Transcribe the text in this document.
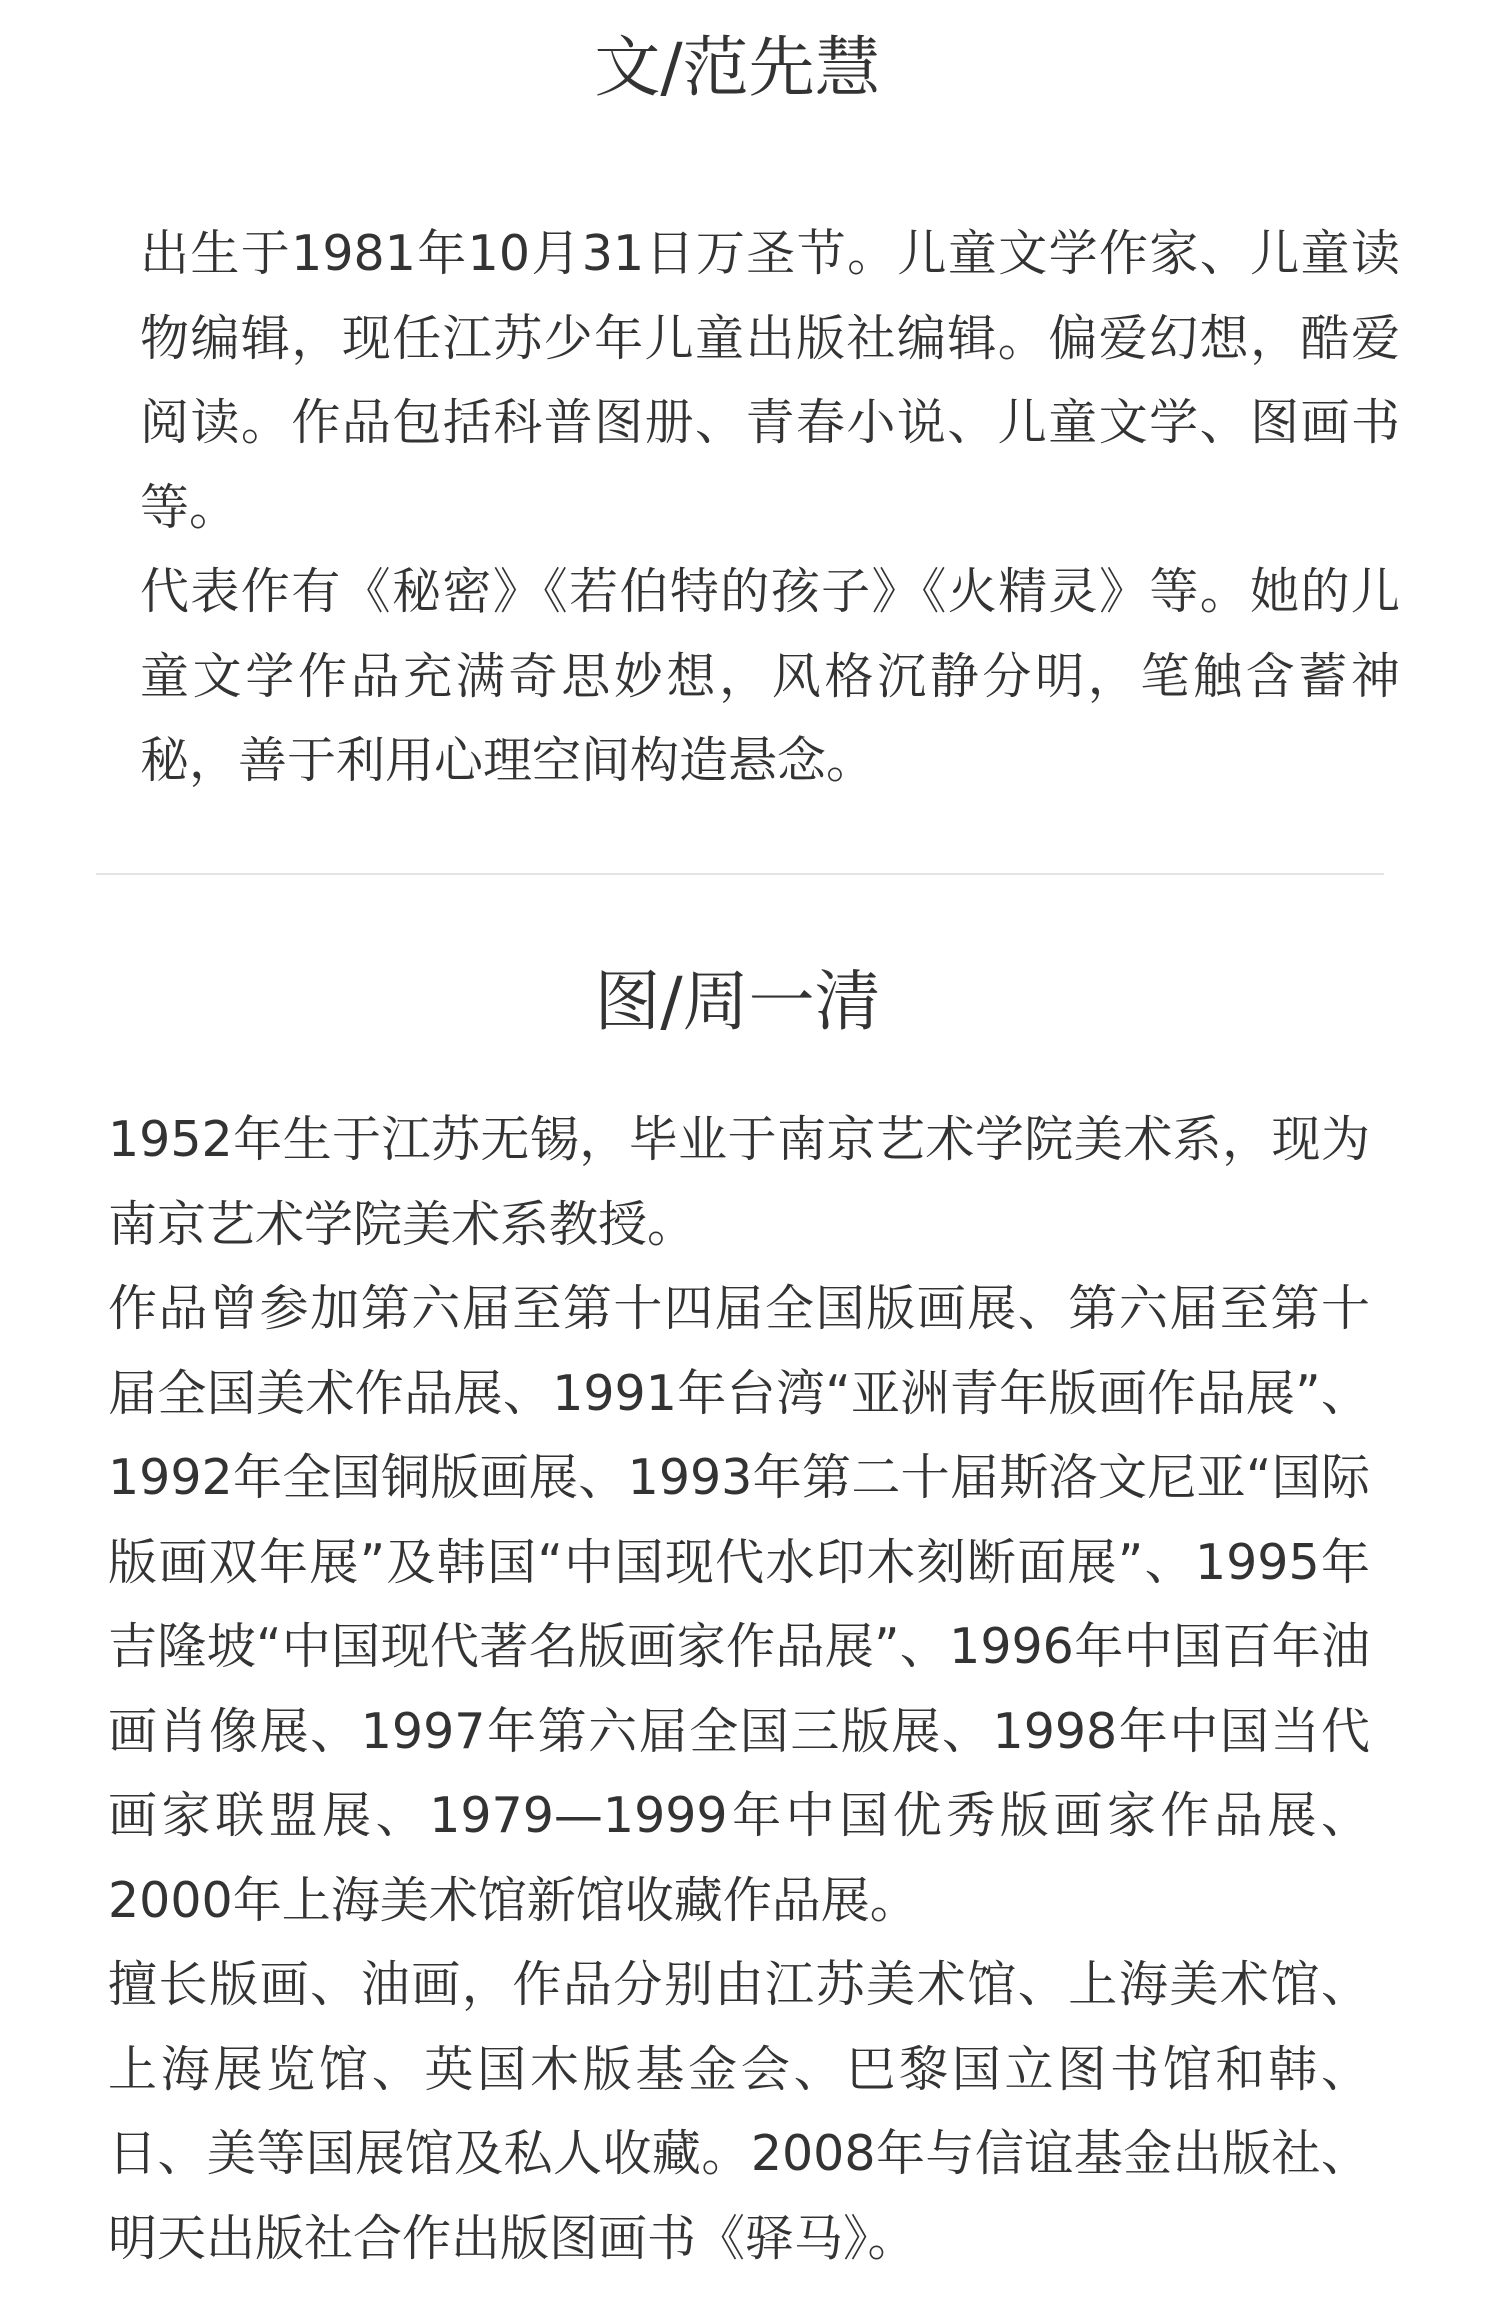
文/范先慧

出生于1981年10月31日万圣节。儿童文学作家、儿童读物编辑，现任江苏少年儿童出版社编辑。偏爱幻想，酷爱阅读。作品包括科普图册、青春小说、儿童文学、图画书等。

代表作有《秘密》《若伯特的孩子》《火精灵》等。她的儿童文学作品充满奇思妙想，风格沉静分明，笔触含蓄神秘，善于利用心理空间构造悬念。

图/周一清

1952年生于江苏无锡，毕业于南京艺术学院美术系，现为南京艺术学院美术系教授。

作品曾参加第六届至第十四届全国版画展、第六届至第十届全国美术作品展、1991年台湾“亚洲青年版画作品展”、1992年全国铜版画展、1993年第二十届斯洛文尼亚“国际版画双年展”及韩国“中国现代水印木刻断面展”、1995年吉隆坡“中国现代著名版画家作品展”、1996年中国百年油画肖像展、1997年第六届全国三版展、1998年中国当代画家联盟展、1979—1999年中国优秀版画家作品展、2000年上海美术馆新馆收藏作品展。

擅长版画、油画，作品分别由江苏美术馆、上海美术馆、上海展览馆、英国木版基金会、巴黎国立图书馆和韩、日、美等国展馆及私人收藏。2008年与信谊基金出版社、明天出版社合作出版图画书《驿马》。
